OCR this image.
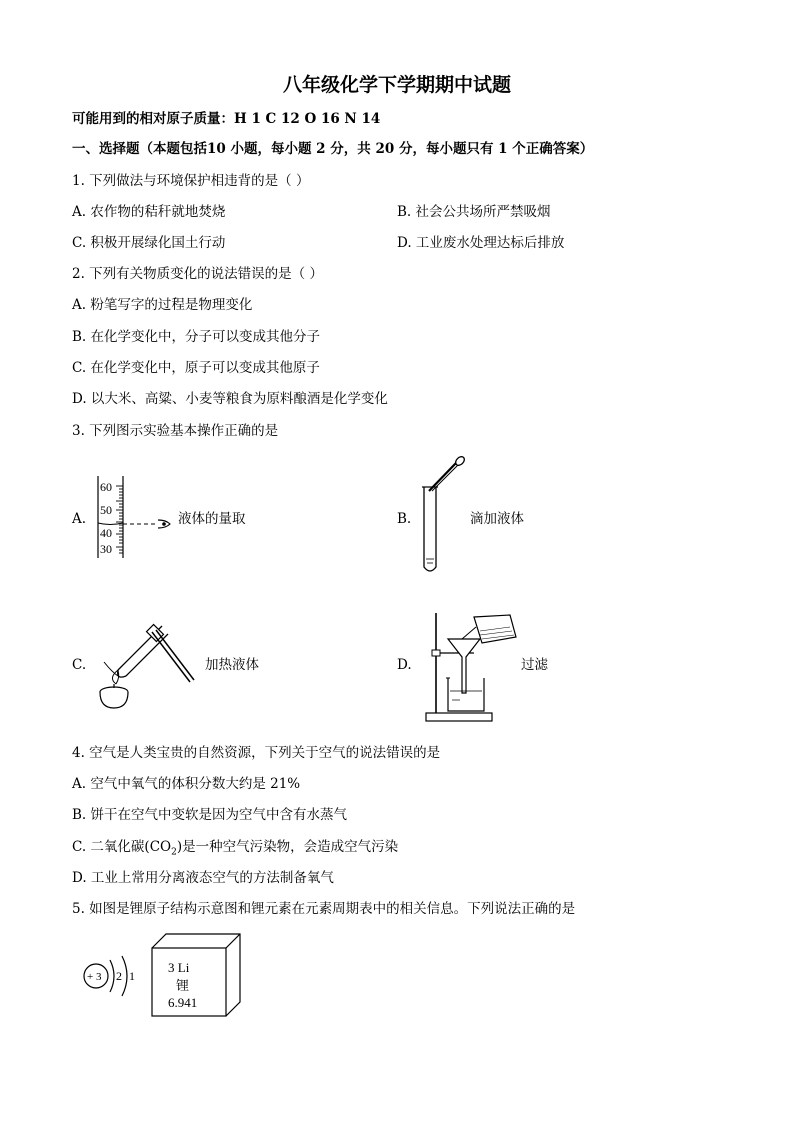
八年级化学下学期期中试题
可能用到的相对原子质量：H 1 C 12 O 16 N 14
一、选择题（本题包括10 小题，每小题 2 分，共 20 分，每小题只有 1 个正确答案）
1. 下列做法与环境保护相违背的是（ ）
A. 农作物的秸秆就地焚烧	B. 社会公共场所严禁吸烟
C. 积极开展绿化国土行动	D. 工业废水处理达标后排放
2. 下列有关物质变化的说法错误的是（ ）
A. 粉笔写字的过程是物理变化
B. 在化学变化中，分子可以变成其他分子
C. 在化学变化中，原子可以变成其他原子
D. 以大米、高粱、小麦等粮食为原料酿酒是化学变化
3. 下列图示实验基本操作正确的是
A.
60
50
40
30
液体的量取	B.	滴加液体
C.	加热液体	D.	过滤
4. 空气是人类宝贵的自然资源，下列关于空气的说法错误的是
A. 空气中氧气的体积分数大约是 21%
B. 饼干在空气中变软是因为空气中含有水蒸气
C. 二氧化碳$(CO_2)$是一种空气污染物，会造成空气污染
D. 工业上常用分离液态空气的方法制备氧气
5. 如图是锂原子结构示意图和锂元素在元素周期表中的相关信息。下列说法正确的是
+ 3 2 1
3 Li
锂
6.941
